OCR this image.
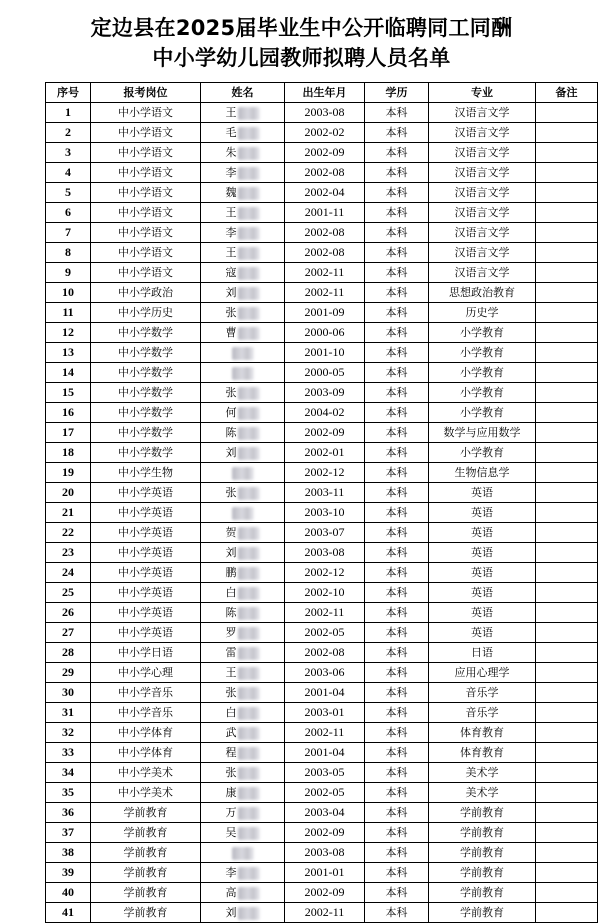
定边县在2025届毕业生中公开临聘同工同酬
中小学幼儿园教师拟聘人员名单
序号	报考岗位	姓名	出生年月	学历	专业	备注
1	中小学语文	王	2003-08	本科	汉语言文学	
2	中小学语文	毛	2002-02	本科	汉语言文学	
3	中小学语文	朱	2002-09	本科	汉语言文学	
4	中小学语文	李	2002-08	本科	汉语言文学	
5	中小学语文	魏	2002-04	本科	汉语言文学	
6	中小学语文	王	2001-11	本科	汉语言文学	
7	中小学语文	李	2002-08	本科	汉语言文学	
8	中小学语文	王	2002-08	本科	汉语言文学	
9	中小学语文	寇	2002-11	本科	汉语言文学	
10	中小学政治	刘	2002-11	本科	思想政治教育	
11	中小学历史	张	2001-09	本科	历史学	
12	中小学数学	曹	2000-06	本科	小学教育	
13	中小学数学		2001-10	本科	小学教育	
14	中小学数学		2000-05	本科	小学教育	
15	中小学数学	张	2003-09	本科	小学教育	
16	中小学数学	何	2004-02	本科	小学教育	
17	中小学数学	陈	2002-09	本科	数学与应用数学	
18	中小学数学	刘	2002-01	本科	小学教育	
19	中小学生物		2002-12	本科	生物信息学	
20	中小学英语	张	2003-11	本科	英语	
21	中小学英语		2003-10	本科	英语	
22	中小学英语	贺	2003-07	本科	英语	
23	中小学英语	刘	2003-08	本科	英语	
24	中小学英语	鹏	2002-12	本科	英语	
25	中小学英语	白	2002-10	本科	英语	
26	中小学英语	陈	2002-11	本科	英语	
27	中小学英语	罗	2002-05	本科	英语	
28	中小学日语	雷	2002-08	本科	日语	
29	中小学心理	王	2003-06	本科	应用心理学	
30	中小学音乐	张	2001-04	本科	音乐学	
31	中小学音乐	白	2003-01	本科	音乐学	
32	中小学体育	武	2002-11	本科	体育教育	
33	中小学体育	程	2001-04	本科	体育教育	
34	中小学美术	张	2003-05	本科	美术学	
35	中小学美术	康	2002-05	本科	美术学	
36	学前教育	万	2003-04	本科	学前教育	
37	学前教育	吴	2002-09	本科	学前教育	
38	学前教育		2003-08	本科	学前教育	
39	学前教育	李	2001-01	本科	学前教育	
40	学前教育	高	2002-09	本科	学前教育	
41	学前教育	刘	2002-11	本科	学前教育	
